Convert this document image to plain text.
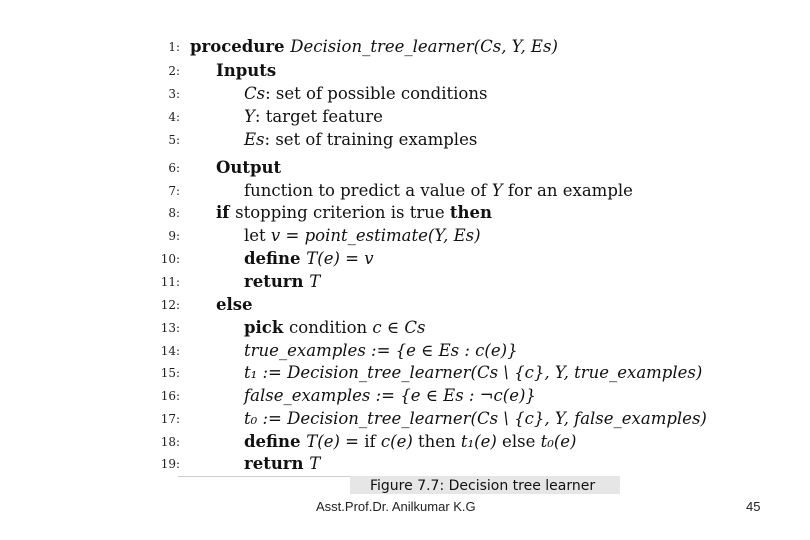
1: procedure Decision_tree_learner(Cs, Y, Es)
2: Inputs
3:	Cs: set of possible conditions
4:	Y: target feature
5:	Es: set of training examples
6: Output
7:	function to predict a value of Y for an example
8: if stopping criterion is true then
9:	let v = point_estimate(Y, Es)
10:	define T(e) = v
11:	return T
12: else
13:	pick condition c ∈ Cs
14:	true_examples := {e ∈ Es : c(e)}
15:	t₁ := Decision_tree_learner(Cs \ {c}, Y, true_examples)
16:	false_examples := {e ∈ Es : ¬c(e)}
17:	t₀ := Decision_tree_learner(Cs \ {c}, Y, false_examples)
18:	define T(e) = if c(e) then t₁(e) else t₀(e)
19:	return T
Figure 7.7: Decision tree learner
Asst.Prof.Dr. Anilkumar K.G	45
